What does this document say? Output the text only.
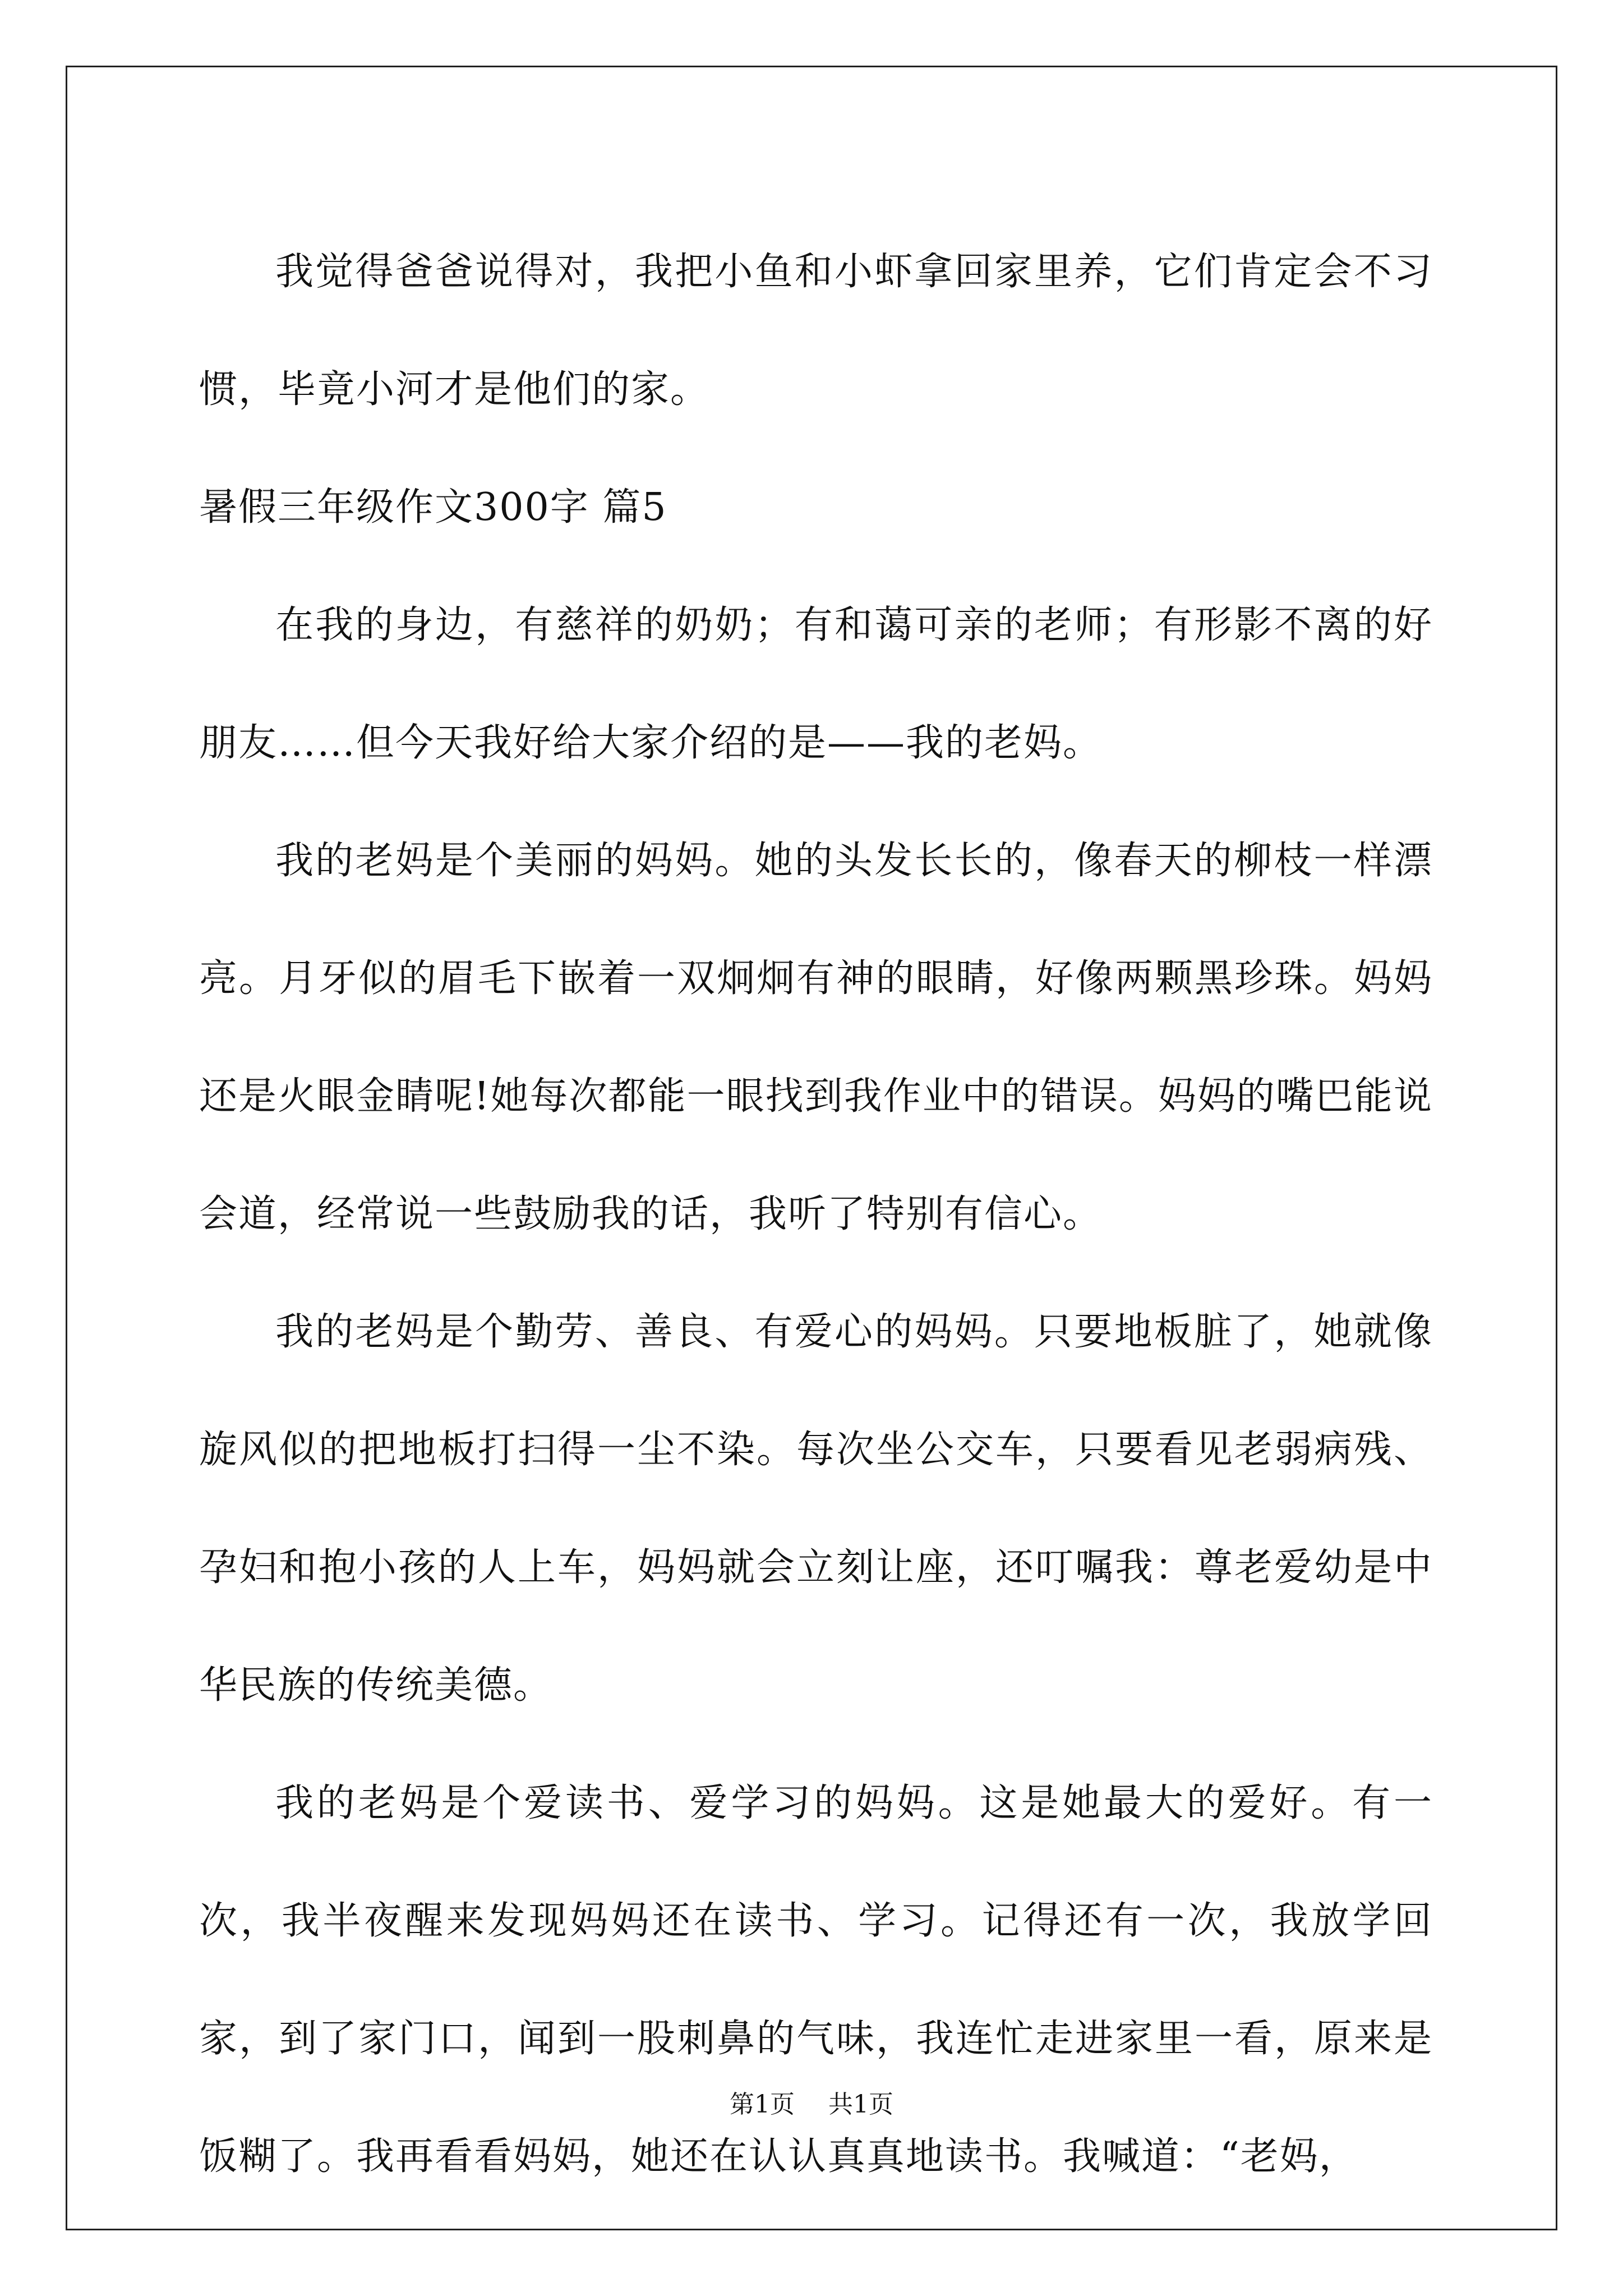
我觉得爸爸说得对，我把小鱼和小虾拿回家里养，它们肯定会不习惯，毕竟小河才是他们的家。

暑假三年级作文300字 篇5

在我的身边，有慈祥的奶奶；有和蔼可亲的老师；有形影不离的好朋友……但今天我好给大家介绍的是——我的老妈。

我的老妈是个美丽的妈妈。她的头发长长的，像春天的柳枝一样漂亮。月牙似的眉毛下嵌着一双炯炯有神的眼睛，好像两颗黑珍珠。妈妈还是火眼金睛呢!她每次都能一眼找到我作业中的错误。妈妈的嘴巴能说会道，经常说一些鼓励我的话，我听了特别有信心。

我的老妈是个勤劳、善良、有爱心的妈妈。只要地板脏了，她就像旋风似的把地板打扫得一尘不染。每次坐公交车，只要看见老弱病残、孕妇和抱小孩的人上车，妈妈就会立刻让座，还叮嘱我：尊老爱幼是中华民族的传统美德。

我的老妈是个爱读书、爱学习的妈妈。这是她最大的爱好。有一次，我半夜醒来发现妈妈还在读书、学习。记得还有一次，我放学回家，到了家门口，闻到一股刺鼻的气味，我连忙走进家里一看，原来是饭糊了。我再看看妈妈，她还在认认真真地读书。我喊道：“老妈，

第1页 共1页
